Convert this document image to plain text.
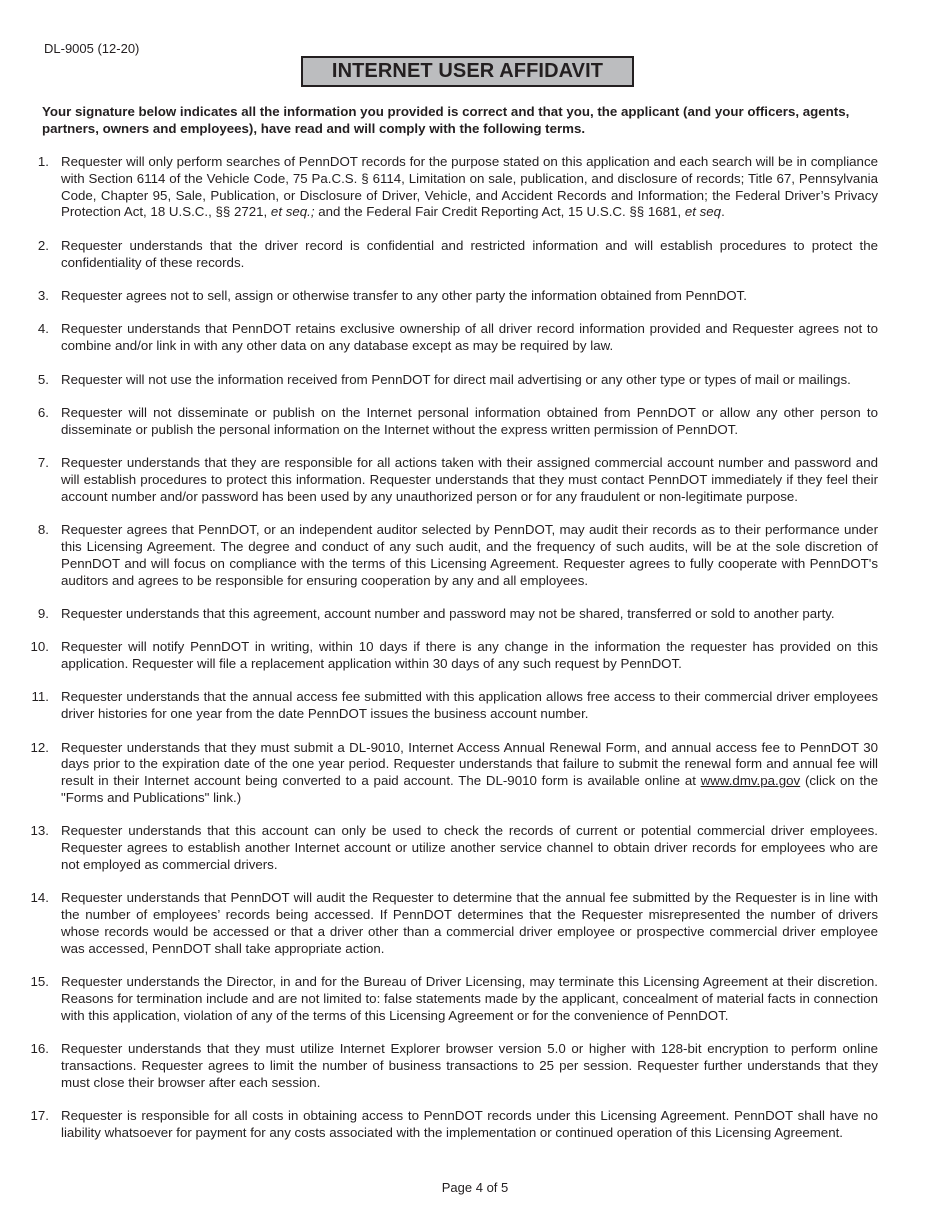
DL-9005 (12-20)
INTERNET USER AFFIDAVIT
Your signature below indicates all the information you provided is correct and that you, the applicant (and your officers, agents, partners, owners and employees), have read and will comply with the following terms.
1. Requester will only perform searches of PennDOT records for the purpose stated on this application and each search will be in compliance with Section 6114 of the Vehicle Code, 75 Pa.C.S. § 6114, Limitation on sale, publication, and disclosure of records; Title 67, Pennsylvania Code, Chapter 95, Sale, Publication, or Disclosure of Driver, Vehicle, and Accident Records and Information; the Federal Driver’s Privacy Protection Act, 18 U.S.C., §§ 2721, et seq.; and the Federal Fair Credit Reporting Act, 15 U.S.C. §§ 1681, et seq.
2. Requester understands that the driver record is confidential and restricted information and will establish procedures to protect the confidentiality of these records.
3. Requester agrees not to sell, assign or otherwise transfer to any other party the information obtained from PennDOT.
4. Requester understands that PennDOT retains exclusive ownership of all driver record information provided and Requester agrees not to combine and/or link in with any other data on any database except as may be required by law.
5. Requester will not use the information received from PennDOT for direct mail advertising or any other type or types of mail or mailings.
6. Requester will not disseminate or publish on the Internet personal information obtained from PennDOT or allow any other person to disseminate or publish the personal information on the Internet without the express written permission of PennDOT.
7. Requester understands that they are responsible for all actions taken with their assigned commercial account number and password and will establish procedures to protect this information. Requester understands that they must contact PennDOT immediately if they feel their account number and/or password has been used by any unauthorized person or for any fraudulent or non-legitimate purpose.
8. Requester agrees that PennDOT, or an independent auditor selected by PennDOT, may audit their records as to their performance under this Licensing Agreement. The degree and conduct of any such audit, and the frequency of such audits, will be at the sole discretion of PennDOT and will focus on compliance with the terms of this Licensing Agreement. Requester agrees to fully cooperate with PennDOT's auditors and agrees to be responsible for ensuring cooperation by any and all employees.
9. Requester understands that this agreement, account number and password may not be shared, transferred or sold to another party.
10. Requester will notify PennDOT in writing, within 10 days if there is any change in the information the requester has provided on this application. Requester will file a replacement application within 30 days of any such request by PennDOT.
11. Requester understands that the annual access fee submitted with this application allows free access to their commercial driver employees driver histories for one year from the date PennDOT issues the business account number.
12. Requester understands that they must submit a DL-9010, Internet Access Annual Renewal Form, and annual access fee to PennDOT 30 days prior to the expiration date of the one year period. Requester understands that failure to submit the renewal form and annual fee will result in their Internet account being converted to a paid account. The DL-9010 form is available online at www.dmv.pa.gov (click on the "Forms and Publications" link.)
13. Requester understands that this account can only be used to check the records of current or potential commercial driver employees. Requester agrees to establish another Internet account or utilize another service channel to obtain driver records for employees who are not employed as commercial drivers.
14. Requester understands that PennDOT will audit the Requester to determine that the annual fee submitted by the Requester is in line with the number of employees’ records being accessed. If PennDOT determines that the Requester misrepresented the number of drivers whose records would be accessed or that a driver other than a commercial driver employee or prospective commercial driver employee was accessed, PennDOT shall take appropriate action.
15. Requester understands the Director, in and for the Bureau of Driver Licensing, may terminate this Licensing Agreement at their discretion. Reasons for termination include and are not limited to: false statements made by the applicant, concealment of material facts in connection with this application, violation of any of the terms of this Licensing Agreement or for the convenience of PennDOT.
16. Requester understands that they must utilize Internet Explorer browser version 5.0 or higher with 128-bit encryption to perform online transactions. Requester agrees to limit the number of business transactions to 25 per session. Requester further understands that they must close their browser after each session.
17. Requester is responsible for all costs in obtaining access to PennDOT records under this Licensing Agreement. PennDOT shall have no liability whatsoever for payment for any costs associated with the implementation or continued operation of this Licensing Agreement.
Page 4 of 5
